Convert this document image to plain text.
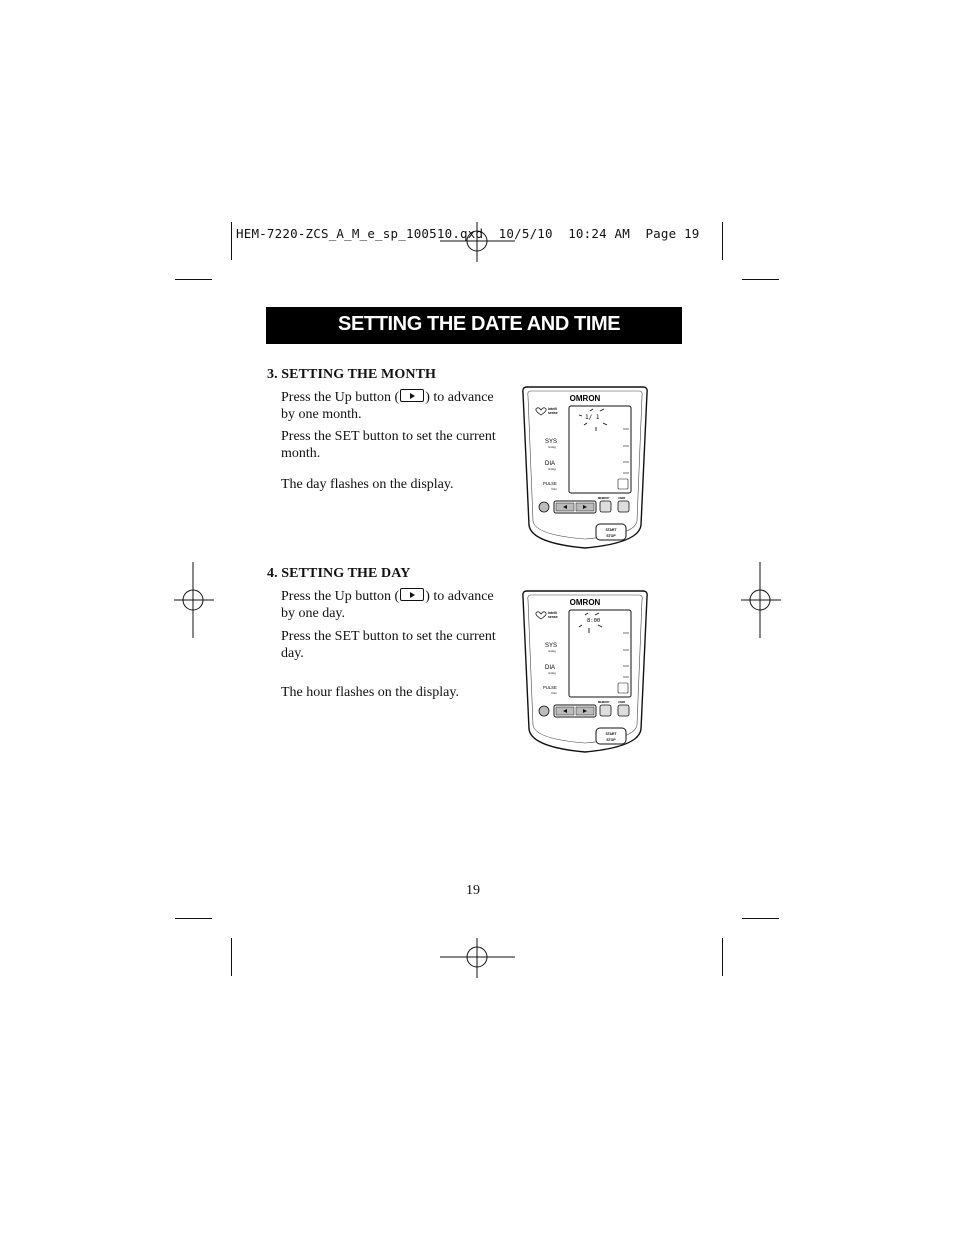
HEM-7220-ZCS_A_M_e_sp_100510.qxd  10/5/10  10:24 AM  Page 19
SETTING THE DATE AND TIME
3. SETTING THE MONTH
Press the Up button ( ) to advance by one month.
Press the SET button to set the current month.
The day flashes on the display.
4. SETTING THE DAY
Press the Up button ( ) to advance by one day.
Press the SET button to set the current day.
The hour flashes on the display.
OMRON
Intelli
sense
1/ 1
SYS
mmHg
DIA
mmHg
PULSE
/min
MEMORY	USER
START
STOP
OMRON
Intelli
sense
8:00
SYS
mmHg
DIA
mmHg
PULSE
/min
MEMORY	USER
START
STOP
19
